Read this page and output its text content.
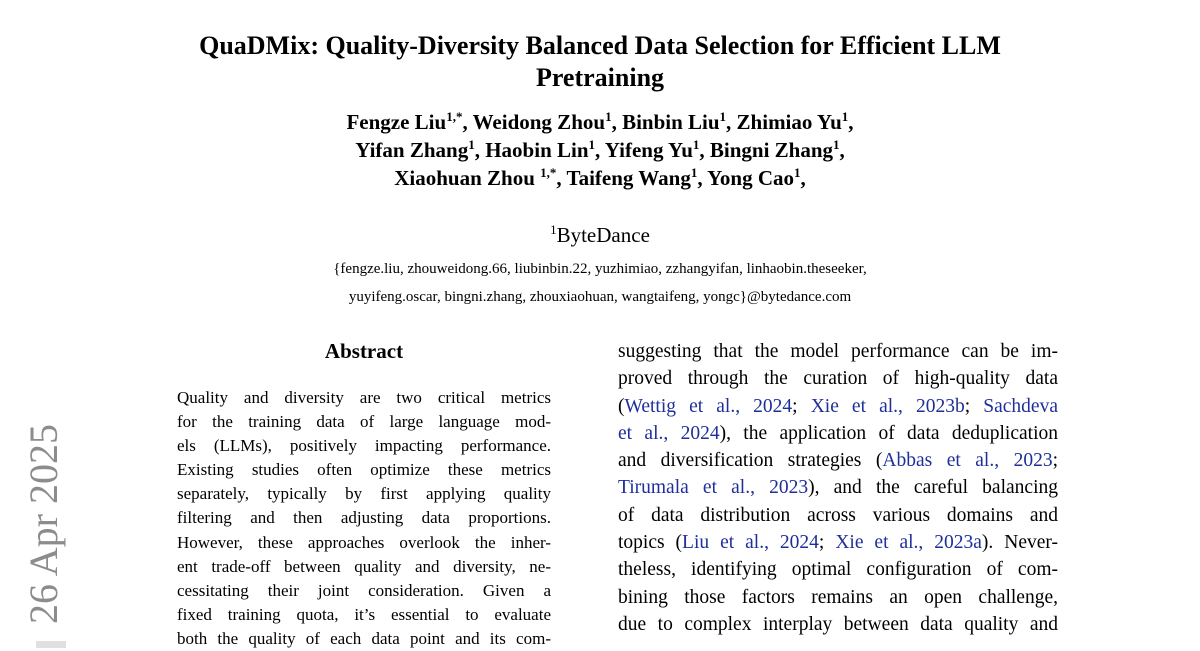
QuaDMix: Quality-Diversity Balanced Data Selection for Efficient LLM
Pretraining
Fengze Liu$^{1,*}$, Weidong Zhou$^1$, Binbin Liu$^1$, Zhimiao Yu$^1$,
Yifan Zhang$^1$, Haobin Lin$^1$, Yifeng Yu$^1$, Bingni Zhang$^1$,
Xiaohuan Zhou $^{1,*}$, Taifeng Wang$^1$, Yong Cao$^1$,
$^1$ByteDance
{fengze.liu, zhouweidong.66, liubinbin.22, yuzhimiao, zzhangyifan, linhaobin.theseeker,
yuyifeng.oscar, bingni.zhang, zhouxiaohuan, wangtaifeng, yongc}@bytedance.com
Abstract
Quality and diversity are two critical metrics
for the training data of large language mod-
els (LLMs), positively impacting performance.
Existing studies often optimize these metrics
separately, typically by first applying quality
filtering and then adjusting data proportions.
However, these approaches overlook the inher-
ent trade-off between quality and diversity, ne-
cessitating their joint consideration. Given a
fixed training quota, it’s essential to evaluate
both the quality of each data point and its com-
suggesting that the model performance can be im-
proved through the curation of high-quality data
(Wettig et al., 2024; Xie et al., 2023b; Sachdeva
et al., 2024), the application of data deduplication
and diversification strategies (Abbas et al., 2023;
Tirumala et al., 2023), and the careful balancing
of data distribution across various domains and
topics (Liu et al., 2024; Xie et al., 2023a). Never-
theless, identifying optimal configuration of com-
bining those factors remains an open challenge,
due to complex interplay between data quality and
26 Apr 2025
